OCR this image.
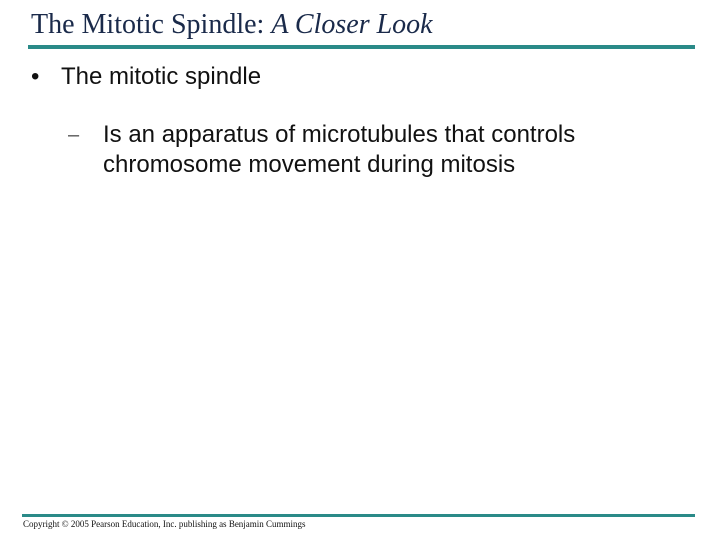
The Mitotic Spindle: A Closer Look
• The mitotic spindle
– Is an apparatus of microtubules that controls chromosome movement during mitosis
Copyright © 2005 Pearson Education, Inc. publishing as Benjamin Cummings
